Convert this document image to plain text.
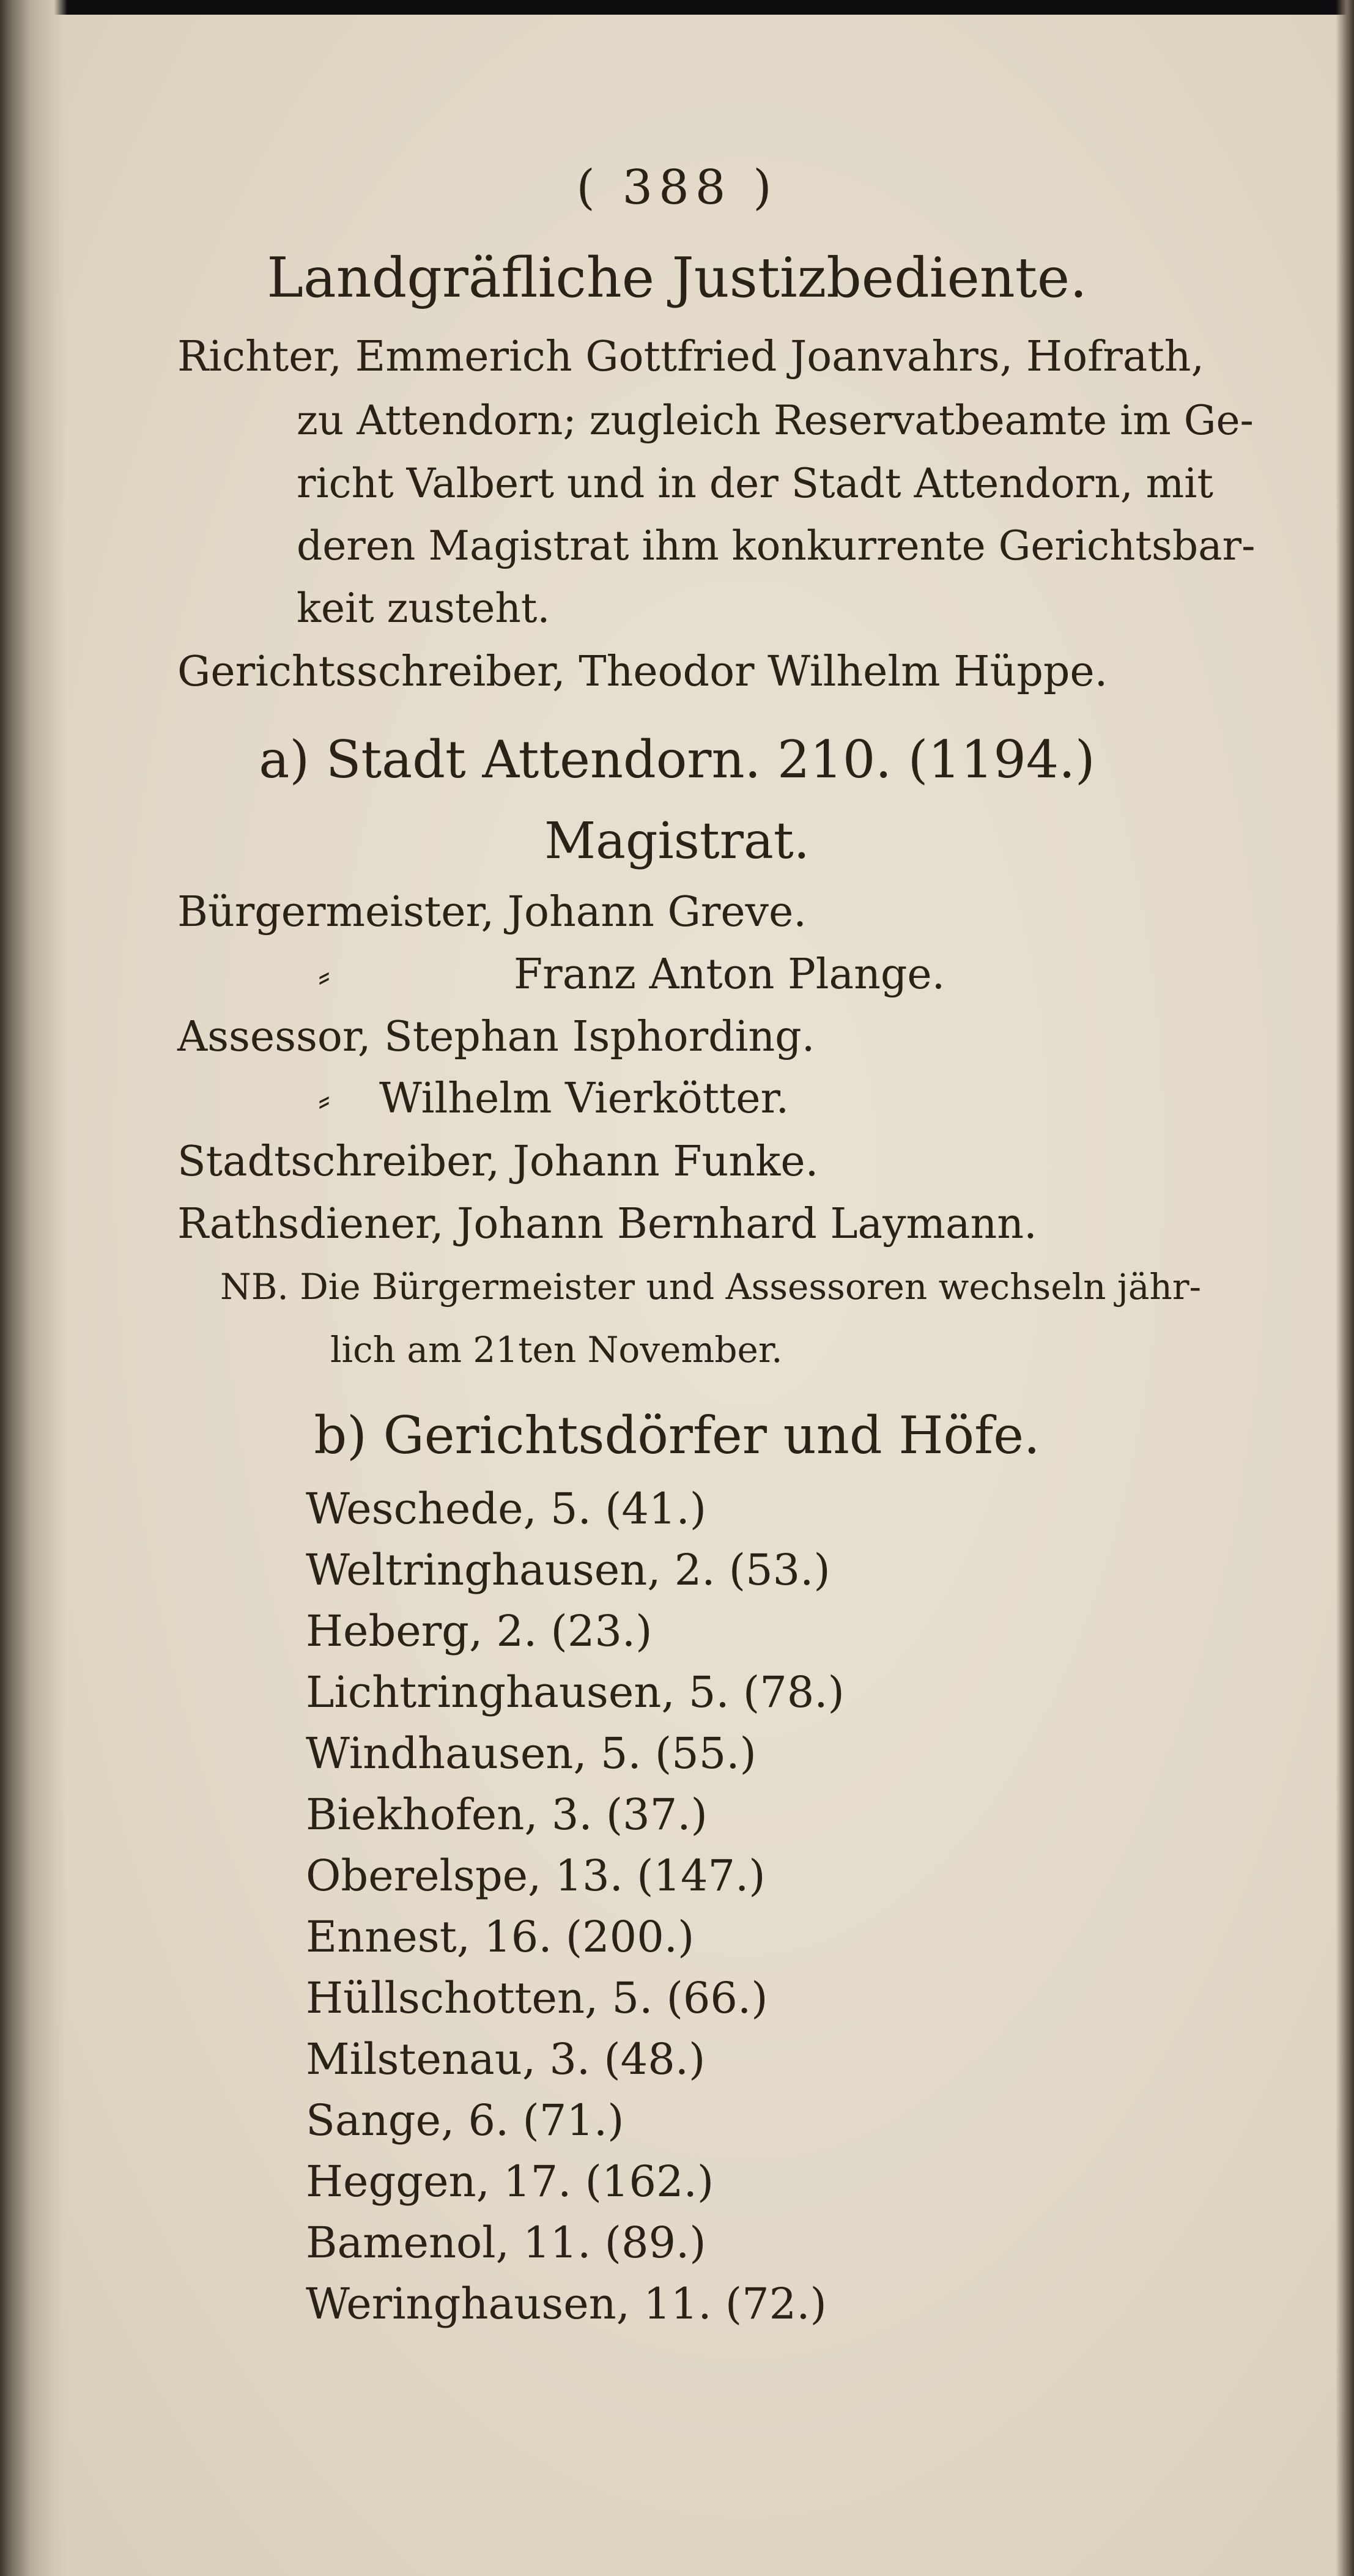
( 388 )
Landgräfliche Justizbediente.
Richter, Emmerich Gottfried Joanvahrs, Hofrath,
zu Attendorn; zugleich Reservatbeamte im Ge-
richt Valbert und in der Stadt Attendorn, mit
deren Magistrat ihm konkurrente Gerichtsbar-
keit zusteht.
Gerichtsschreiber, Theodor Wilhelm Hüppe.
a) Stadt Attendorn. 210. (1194.)
Magistrat.
Bürgermeister, Johann Greve.
⸗	Franz Anton Plange.
Assessor, Stephan Isphording.
⸗ Wilhelm Vierkötter.
Stadtschreiber, Johann Funke.
Rathsdiener, Johann Bernhard Laymann.
NB. Die Bürgermeister und Assessoren wechseln jähr-
lich am 21ten November.
b) Gerichtsdörfer und Höfe.
Weschede, 5. (41.)
Weltringhausen, 2. (53.)
Heberg, 2. (23.)
Lichtringhausen, 5. (78.)
Windhausen, 5. (55.)
Biekhofen, 3. (37.)
Oberelspe, 13. (147.)
Ennest, 16. (200.)
Hüllschotten, 5. (66.)
Milstenau, 3. (48.)
Sange, 6. (71.)
Heggen, 17. (162.)
Bamenol, 11. (89.)
Weringhausen, 11. (72.)
